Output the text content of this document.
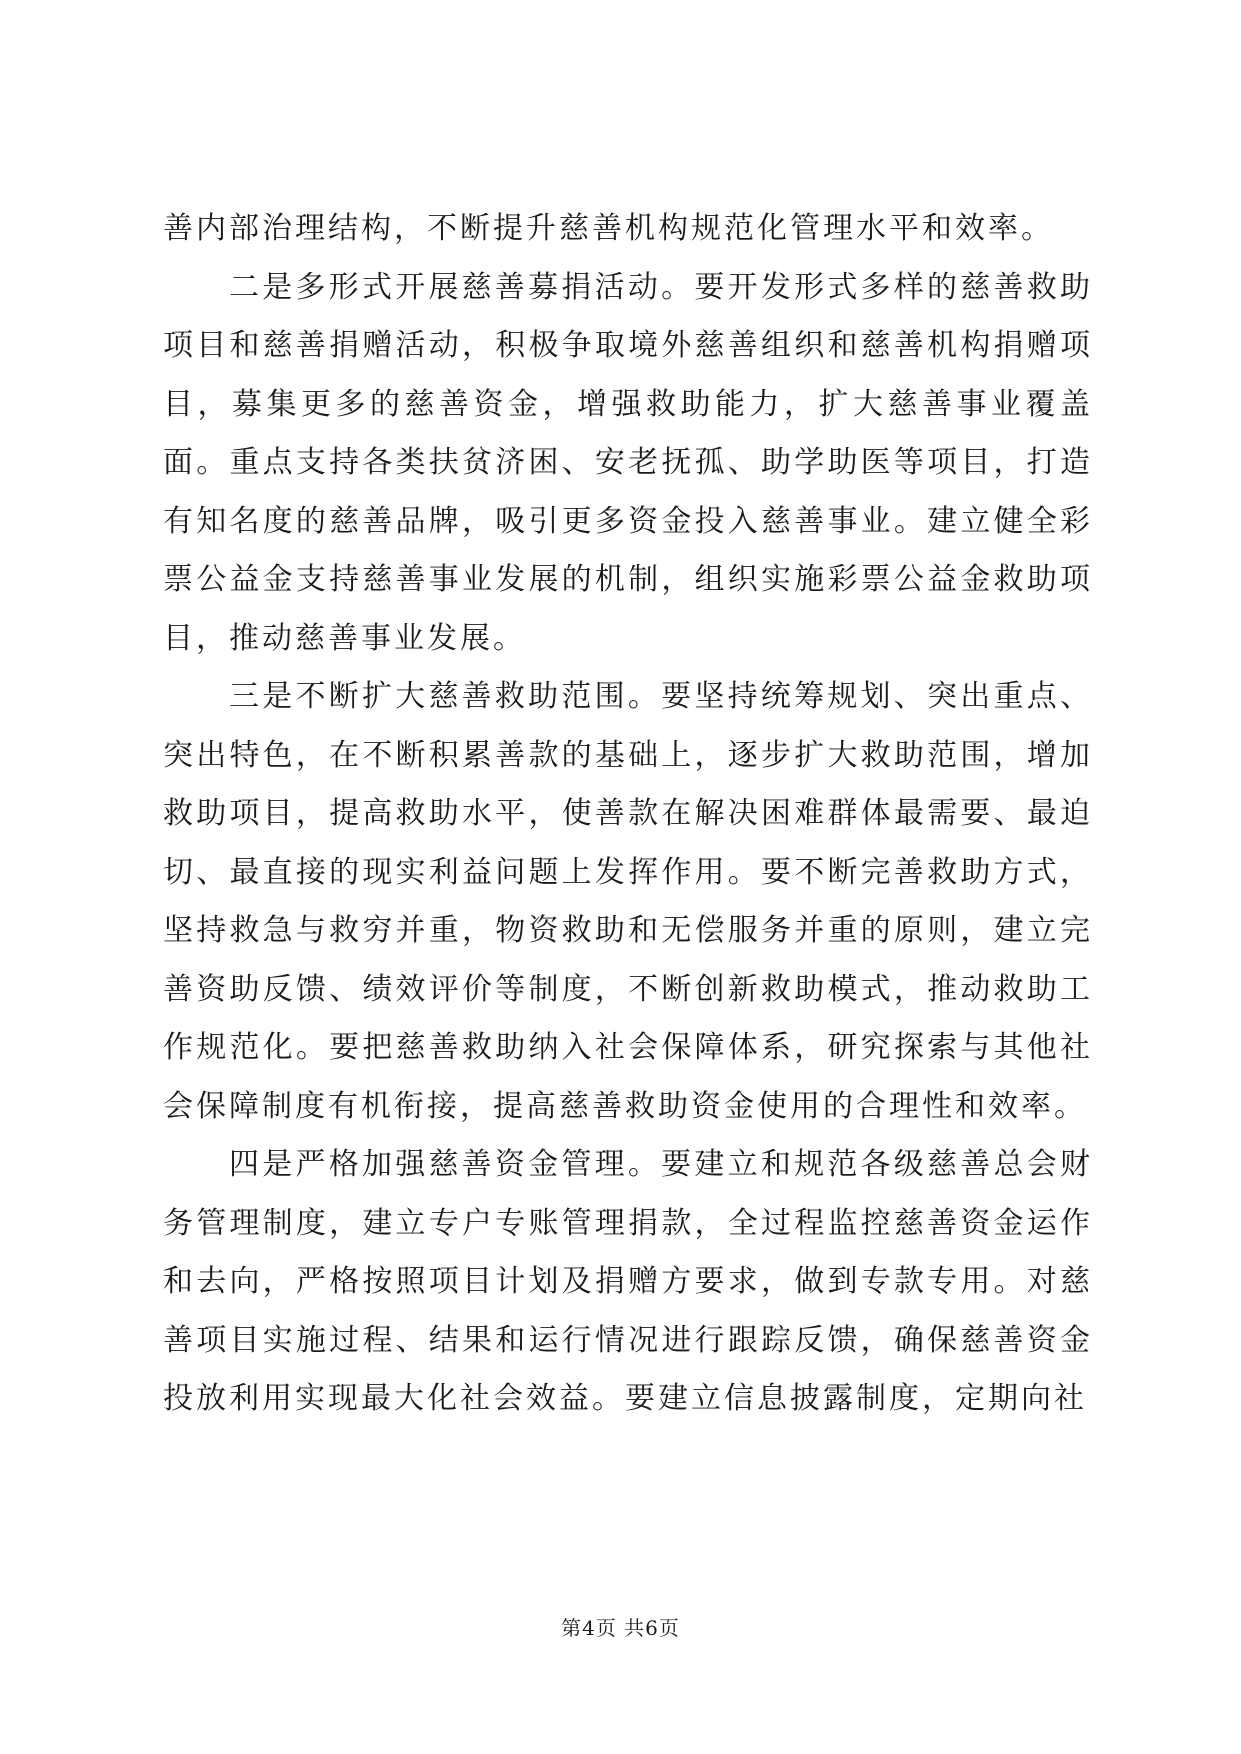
善内部治理结构，不断提升慈善机构规范化管理水平和效率。

二是多形式开展慈善募捐活动。要开发形式多样的慈善救助项目和慈善捐赠活动，积极争取境外慈善组织和慈善机构捐赠项目，募集更多的慈善资金，增强救助能力，扩大慈善事业覆盖面。重点支持各类扶贫济困、安老抚孤、助学助医等项目，打造有知名度的慈善品牌，吸引更多资金投入慈善事业。建立健全彩票公益金支持慈善事业发展的机制，组织实施彩票公益金救助项目，推动慈善事业发展。

三是不断扩大慈善救助范围。要坚持统筹规划、突出重点、突出特色，在不断积累善款的基础上，逐步扩大救助范围，增加救助项目，提高救助水平，使善款在解决困难群体最需要、最迫切、最直接的现实利益问题上发挥作用。要不断完善救助方式，坚持救急与救穷并重，物资救助和无偿服务并重的原则，建立完善资助反馈、绩效评价等制度，不断创新救助模式，推动救助工作规范化。要把慈善救助纳入社会保障体系，研究探索与其他社会保障制度有机衔接，提高慈善救助资金使用的合理性和效率。

四是严格加强慈善资金管理。要建立和规范各级慈善总会财务管理制度，建立专户专账管理捐款，全过程监控慈善资金运作和去向，严格按照项目计划及捐赠方要求，做到专款专用。对慈善项目实施过程、结果和运行情况进行跟踪反馈，确保慈善资金投放利用实现最大化社会效益。要建立信息披露制度，定期向社

第4页 共6页
